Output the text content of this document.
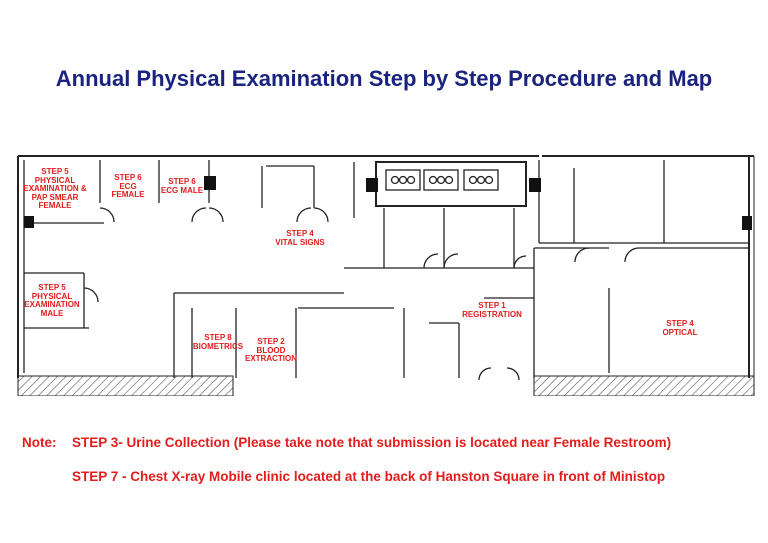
Annual Physical Examination Step by Step Procedure and Map
STEP 5
PHYSICAL
EXAMINATION &
PAP SMEAR
FEMALE
STEP 6
ECG
FEMALE
STEP 6
ECG MALE
STEP 4
VITAL SIGNS
STEP 5
PHYSICAL
EXAMINATION
MALE
STEP 8
BIOMETRICS	STEP 2
BLOOD
EXTRACTION
STEP 1
REGISTRATION
STEP 4
OPTICAL
Note: STEP 3- Urine Collection (Please take note that submission is located near Female Restroom)
STEP 7 - Chest X-ray Mobile clinic located at the back of Hanston Square in front of Ministop
